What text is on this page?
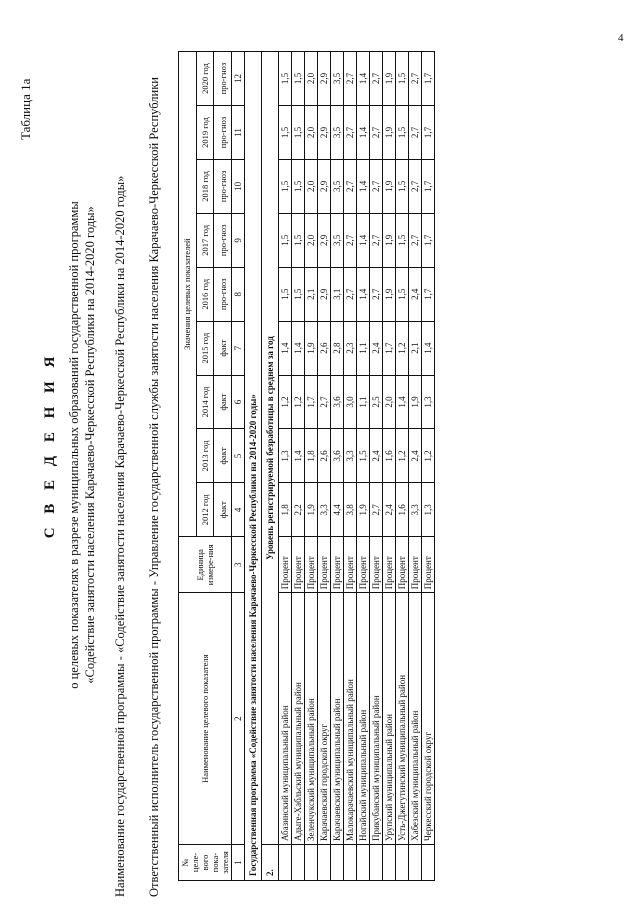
4
Таблица 1а
С В Е Д Е Н И Я о целевых показателях в разрезе муниципальных образований государственной программы «Содействие занятости населения Карачаево-Черкесской Республики на 2014-2020 годы» Наименование государственной программы - «Содействие занятости населения Карачаево-Черкесской Республики на 2014-2020 годы» Ответственный исполнитель государственной программы - Управление государственной службы занятости населения Карачаево-Черкесской Республики № целе-вого пока-зателя	Наименование целевого показателя	Единица измере-ния	Значения целевых показателей								
			2012 год	2013 год	2014 год	2015 год	2016 год	2017 год	2018 год	2019 год	2020 год
			факт	факт	факт	факт	про-гноз	про-гноз	про-гноз	про-гноз	про-гноз
1	2	3	4	5	6	7	8	9	10	11	12
Государственная программа «Содействие занятости населения Карачаево-Черкесской Республики на 2014-2020 годы»											
2.	Уровень регистрируемой безработицы в среднем за год										
	Абазинский муниципальный район	Процент	1,8	1,3	1,2	1,4	1,5	1,5	1,5	1,5	1,5
	Адыге-Хабльский муниципальный район	Процент	2,2	1,4	1,2	1,4	1,5	1,5	1,5	1,5	1,5
	Зеленчукский муниципальный район	Процент	1,9	1,8	1,7	1,9	2,1	2,0	2,0	2,0	2,0
	Карачаевский городской округ	Процент	3,3	2,6	2,7	2,6	2,9	2,9	2,9	2,9	2,9
	Карачаевский муниципальный район	Процент	4,4	3,6	3,6	2,8	3,1	3,5	3,5	3,5	3,5
	Малокарачаевский муниципальный район	Процент	3,8	3,3	3,0	2,3	2,7	2,7	2,7	2,7	2,7
	Ногайский муниципальный район	Процент	1,9	1,5	1,1	1,1	1,4	1,4	1,4	1,4	1,4
	Прикубанский муниципальный район	Процент	2,7	2,4	2,5	2,4	2,7	2,7	2,7	2,7	2,7
	Урупский муниципальный район	Процент	2,4	1,6	2,0	1,7	1,9	1,9	1,9	1,9	1,9
	Усть-Джегутинский муниципальный район	Процент	1,6	1,2	1,4	1,2	1,5	1,5	1,5	1,5	1,5
	Хабезский муниципальный район	Процент	3,3	2,4	1,9	2,1	2,4	2,7	2,7	2,7	2,7
	Черкесский городской округ	Процент	1,3	1,2	1,3	1,4	1,7	1,7	1,7	1,7	1,7
